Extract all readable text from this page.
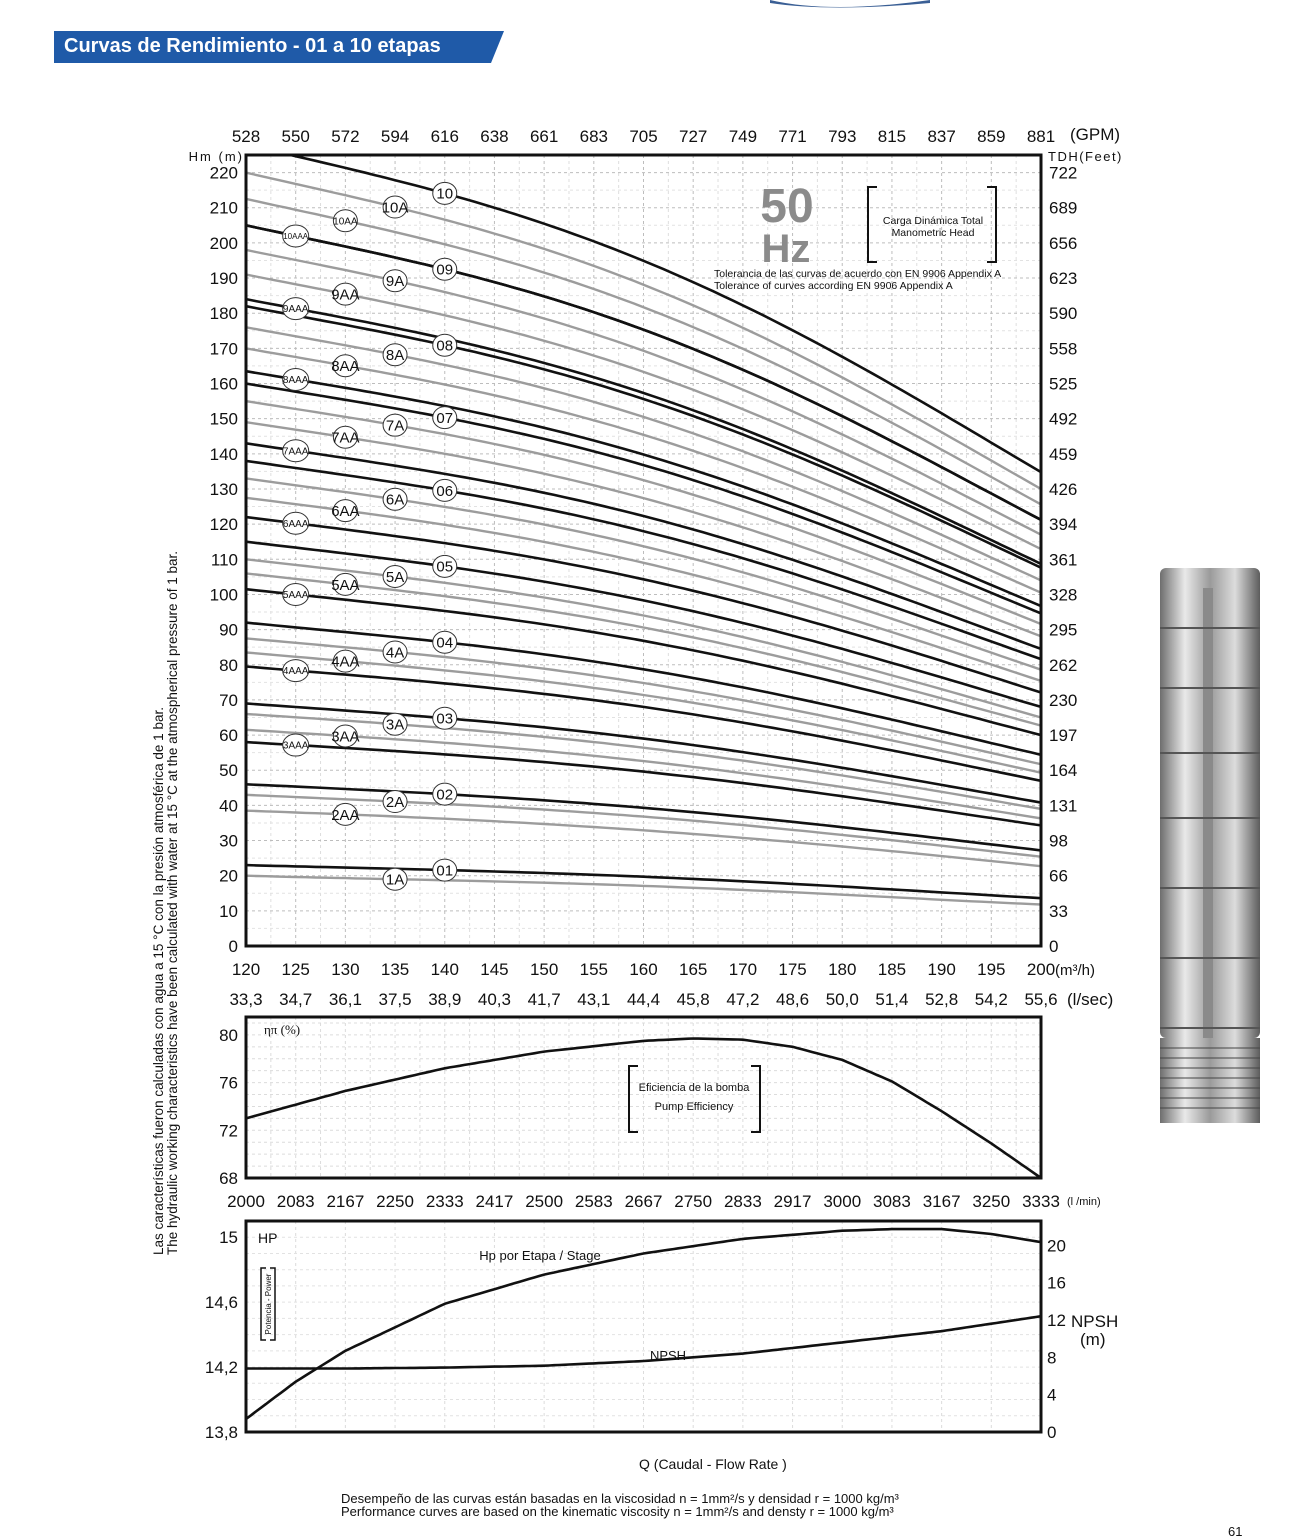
Curvas de Rendimiento - 01 a 10 etapas
01
1A
02
2A
2AA
03
3A
3AA
3AAA
04
4A
4AA
4AAA
05
5A
5AA
5AAA
06
6A
6AA
6AAA
07
7A
7AA
7AAA
08
8A
8AA
8AAA
09
9A
9AA
9AAA
10
10A
10AA
10AAA
120 125 130 135 140 145 150 155 160 165 170 175 180 185 190 195 200
528 550 572 594 616 638 661 683 705 727 749 771 793 815 837 859 881
33,3 34,7 36,1 37,5 38,9 40,3 41,7 43,1 44,4 45,8 47,2 48,6 50,0 51,4 52,8 54,2 55,6
0
10
20
30
40
50
60
70
80
90
100
110
120
130
140
150
160
170
180
190
200
210
220
0
33
66
98
131
164
197
230
262
295
328
361
394
426
459
492
525
558
590
623
656
689
722
(GPM)
(m³/h)
(l/sec)
Hm (m)	TDH(Feet)
50
Hz
Carga Dinámica Total
Manometric Head
Tolerancia de las curvas de acuerdo con EN 9906 Appendix A
Tolerance of curves according EN 9906 Appendix A
80
76
72
68
ηπ (%)
Eficiencia de la bomba
Pump Efficiency
2000 2083 2167 2250 2333 2417 2500 2583 2667 2750 2833 2917 3000 3083 3167 3250 3333 (l /min)
15
14,6
14,2
13,8
20
16
12
8
4
0
HP
Potencia - Power
Hp por Etapa / Stage
NPSH
NPSH
(m)
Q (Caudal - Flow Rate )
Las características fueron calculadas con agua a 15 °C con la presión atmosférica de 1 bar. The hydraulic working characteristics have been calculated with water at 15 °C at the atmospherical pressure of 1 bar.
Desempeño de las curvas están basadas en la viscosidad n = 1mm²/s y densidad r = 1000 kg/m³
Performance curves are based on the kinematic viscosity n = 1mm²/s and densty r = 1000 kg/m³
61
